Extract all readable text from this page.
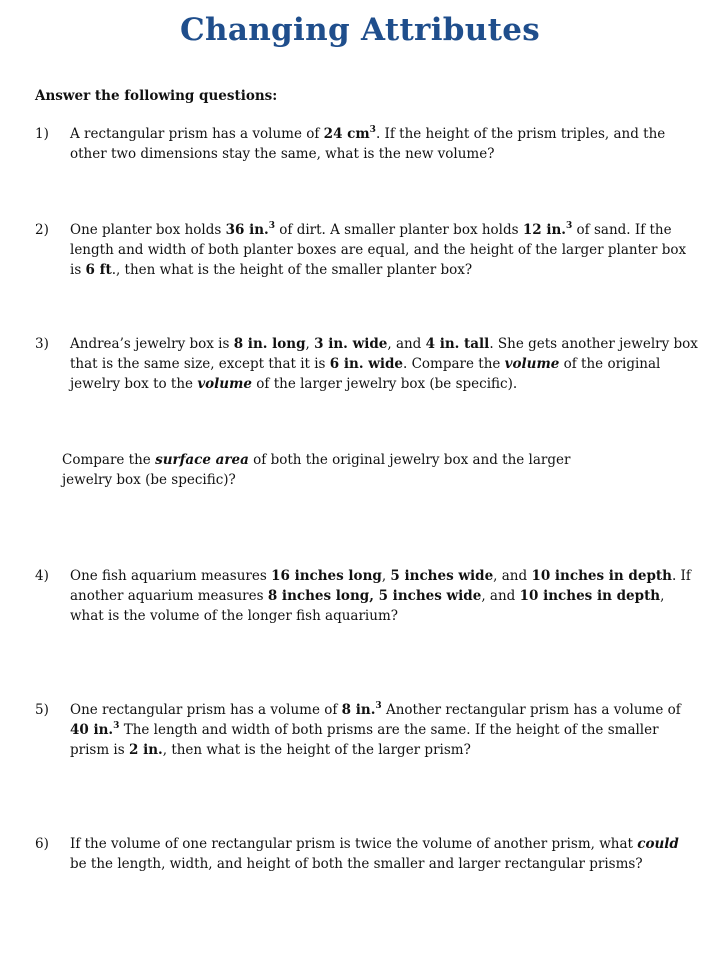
Changing Attributes
Answer the following questions:
1) A rectangular prism has a volume of 24 $cm^3$. If the height of the prism triples, and the other two dimensions stay the same, what is the new volume?
2) One planter box holds 36 in.$^3$ of dirt. A smaller planter box holds 12 in.$^3$ of sand. If the length and width of both planter boxes are equal, and the height of the larger planter box is 6 ft., then what is the height of the smaller planter box?
3) Andrea’s jewelry box is 8 in. long, 3 in. wide, and 4 in. tall. She gets another jewelry box that is the same size, except that it is 6 in. wide. Compare the volume of the original jewelry box to the volume of the larger jewelry box (be specific).
Compare the surface area of both the original jewelry box and the larger jewelry box (be specific)?
4) One fish aquarium measures 16 inches long, 5 inches wide, and 10 inches in depth. If another aquarium measures 8 inches long, 5 inches wide, and 10 inches in depth, what is the volume of the longer fish aquarium?
5) One rectangular prism has a volume of 8 in.$^3$ Another rectangular prism has a volume of 40 in.$^3$ The length and width of both prisms are the same. If the height of the smaller prism is 2 in., then what is the height of the larger prism?
6) If the volume of one rectangular prism is twice the volume of another prism, what could be the length, width, and height of both the smaller and larger rectangular prisms?
